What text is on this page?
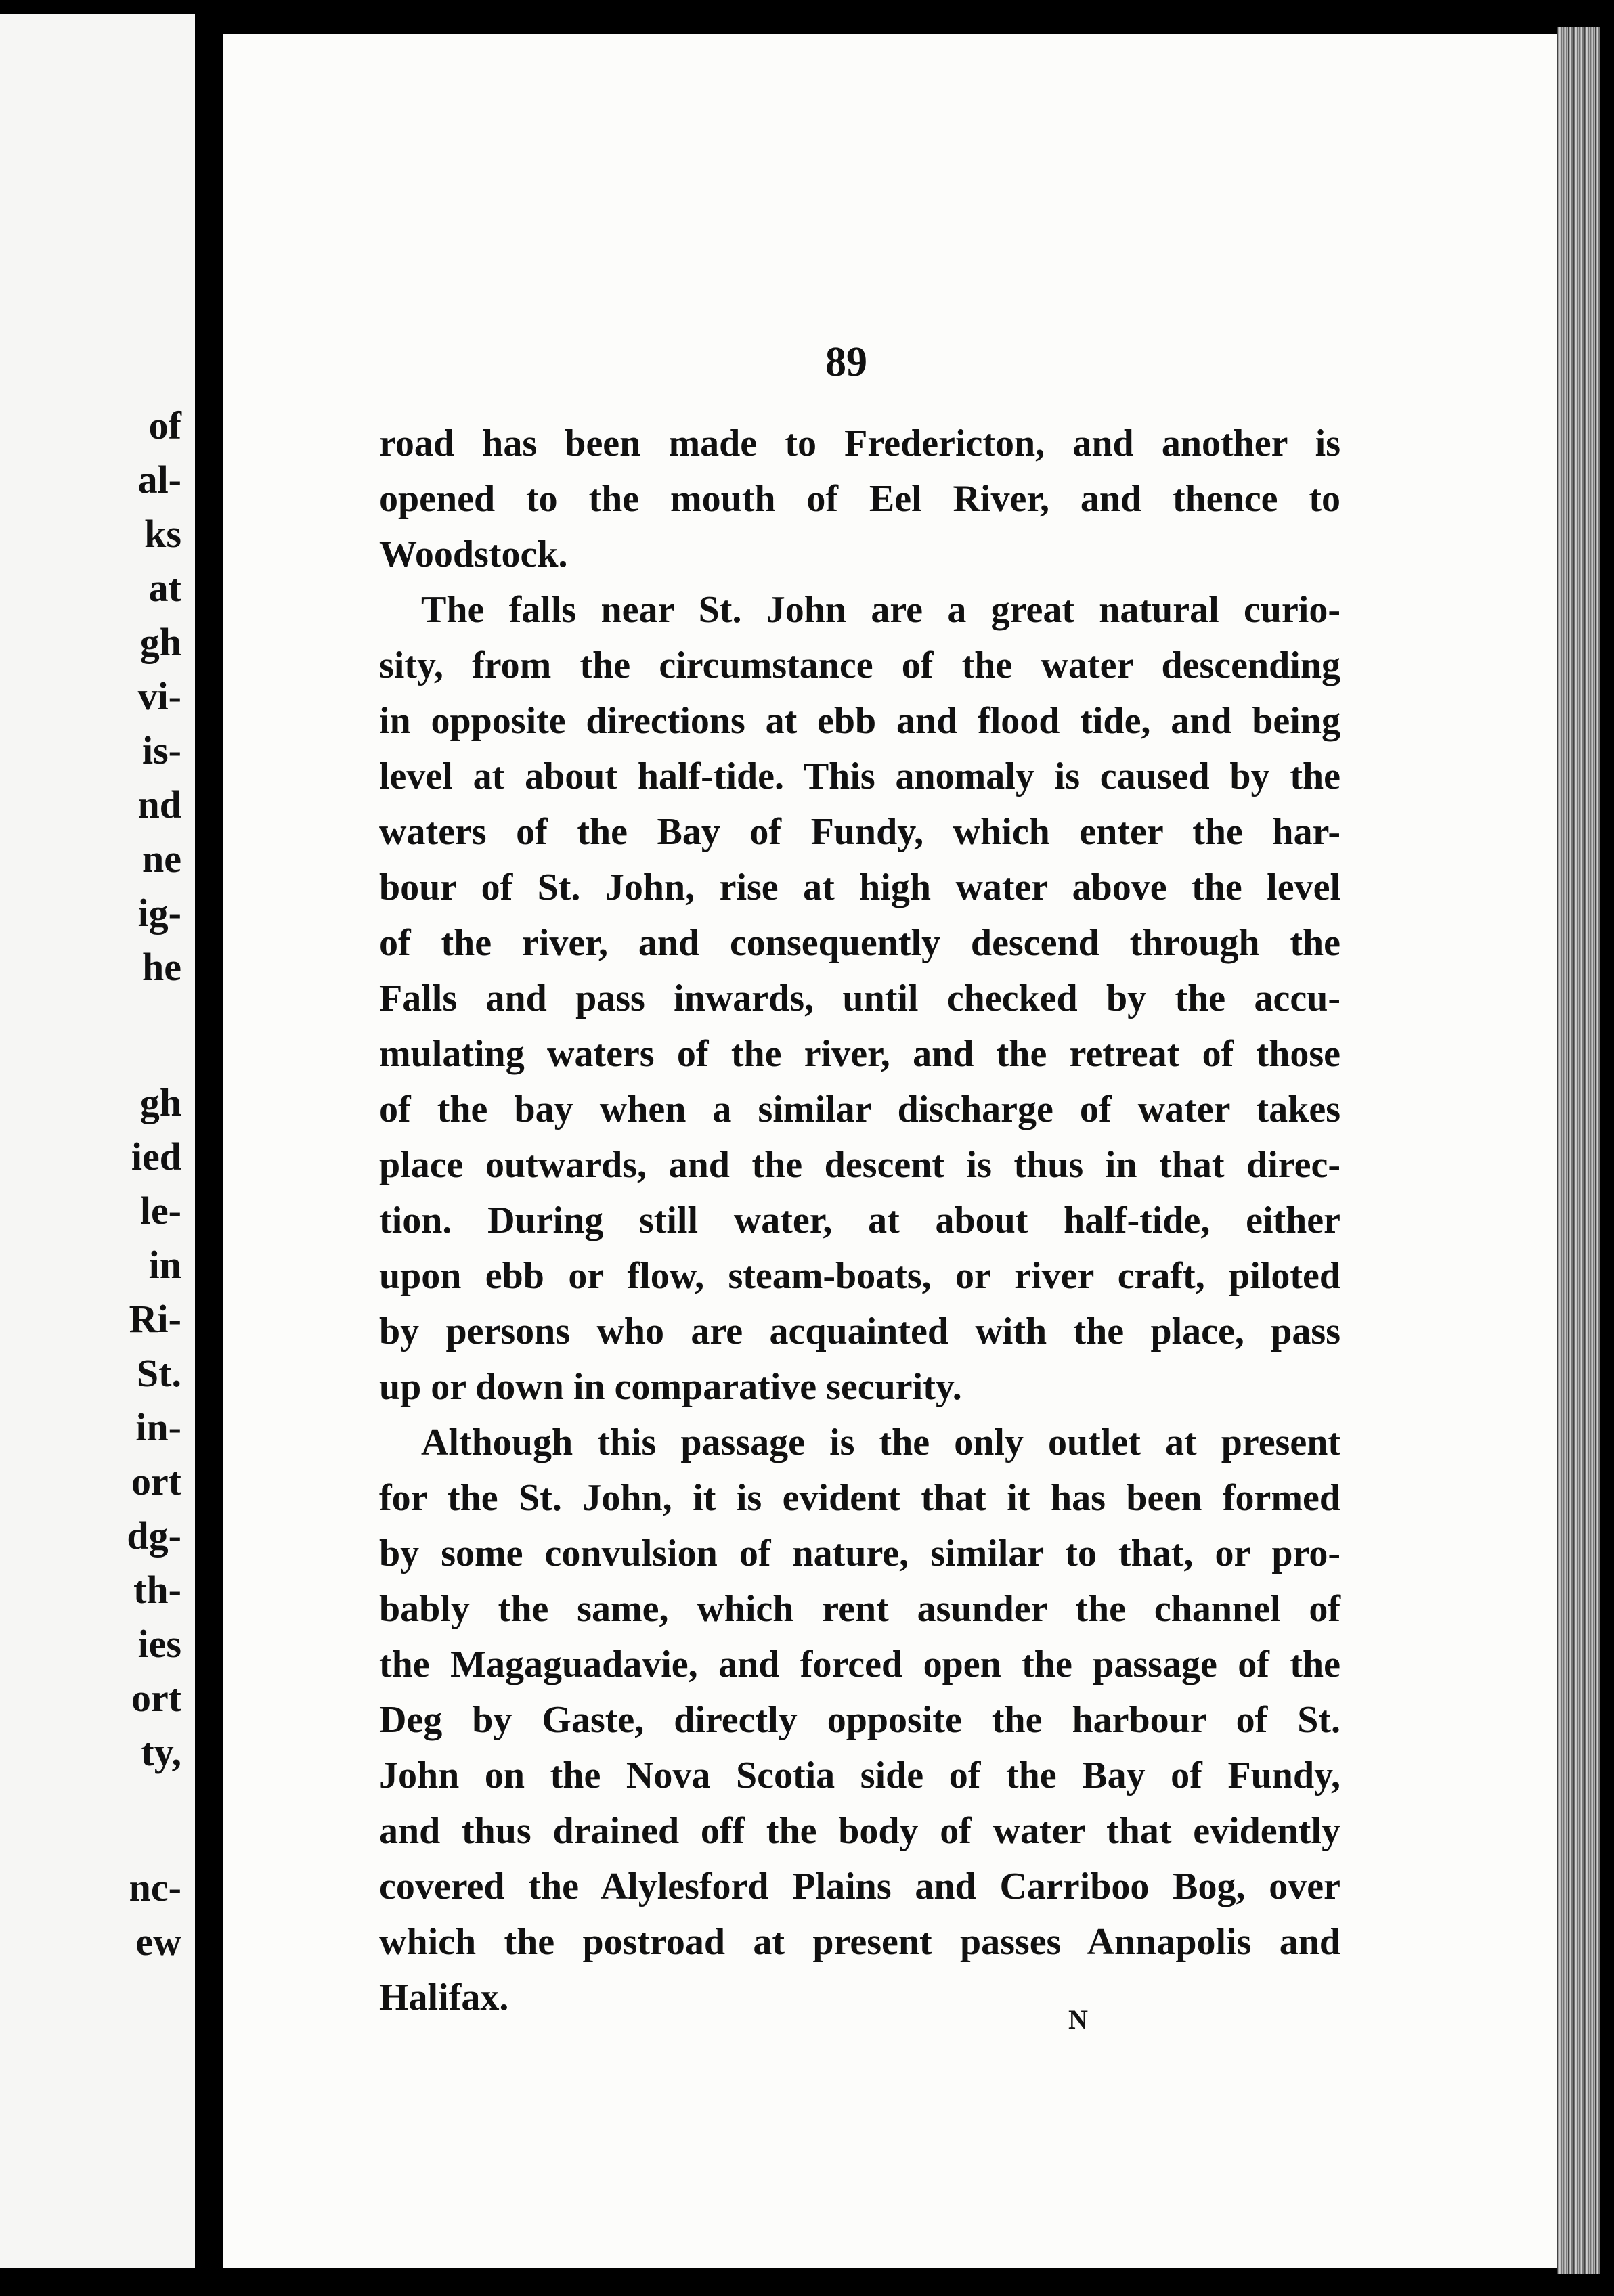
of
al-
ks
at
gh
vi-
is-
nd
ne
ig-
he
gh
ied
le-
in
Ri-
St.
in-
ort
dg-
th-
ies
ort
ty,
nc-
ew
89
road has been made to Fredericton, and another is
opened to the mouth of Eel River, and thence to
Woodstock.
The falls near St. John are a great natural curio-
sity, from the circumstance of the water descending
in opposite directions at ebb and flood tide, and being
level at about half-tide. This anomaly is caused by the
waters of the Bay of Fundy, which enter the har-
bour of St. John, rise at high water above the level
of the river, and consequently descend through the
Falls and pass inwards, until checked by the accu-
mulating waters of the river, and the retreat of those
of the bay when a similar discharge of water takes
place outwards, and the descent is thus in that direc-
tion. During still water, at about half-tide, either
upon ebb or flow, steam-boats, or river craft, piloted
by persons who are acquainted with the place, pass
up or down in comparative security.
Although this passage is the only outlet at present
for the St. John, it is evident that it has been formed
by some convulsion of nature, similar to that, or pro-
bably the same, which rent asunder the channel of
the Magaguadavie, and forced open the passage of the
Deg by Gaste, directly opposite the harbour of St.
John on the Nova Scotia side of the Bay of Fundy,
and thus drained off the body of water that evidently
covered the Alylesford Plains and Carriboo Bog, over
which the postroad at present passes Annapolis and
Halifax.
N
